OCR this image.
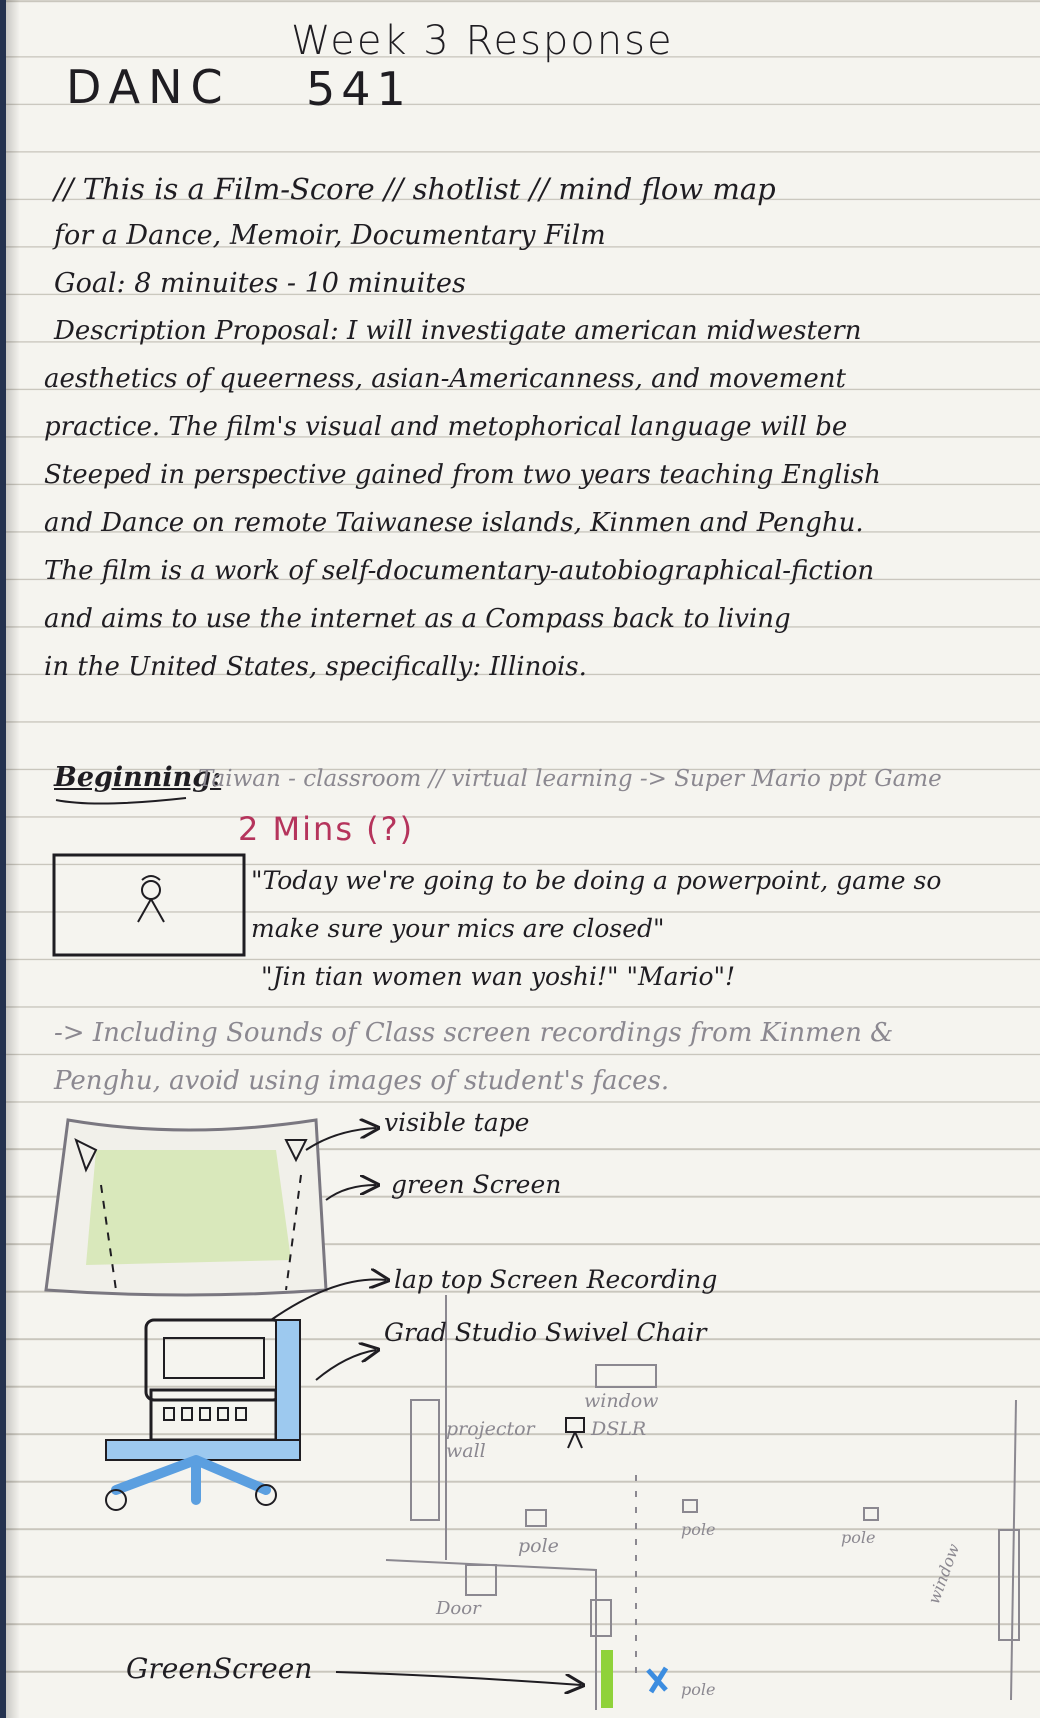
Week 3 Response
DANC 541
// This is a Film-Score // shotlist // mind flow map
for a Dance, Memoir, Documentary Film
Goal: 8 minuites - 10 minuites
Description Proposal: I will investigate american midwestern
aesthetics of queerness, asian-Americanness, and movement
practice. The film's visual and metophorical language will be
Steeped in perspective gained from two years teaching English
and Dance on remote Taiwanese islands, Kinmen and Penghu.
The film is a work of self-documentary-autobiographical-fiction
and aims to use the internet as a Compass back to living
in the United States, specifically: Illinois.
Beginning:
Taiwan - classroom // virtual learning -> Super Mario ppt Game
2 Mins (?)
"Today we're going to be doing a powerpoint, game so
make sure your mics are closed"
"Jin tian women wan yoshi!" "Mario"!
-> Including Sounds of Class screen recordings from Kinmen &
Penghu, avoid using images of student's faces.
visible tape
green Screen
lap top Screen Recording
Grad Studio Swivel Chair
window
projector wall
DSLR
pole
pole	pole
pole
Door
window
GreenScreen
